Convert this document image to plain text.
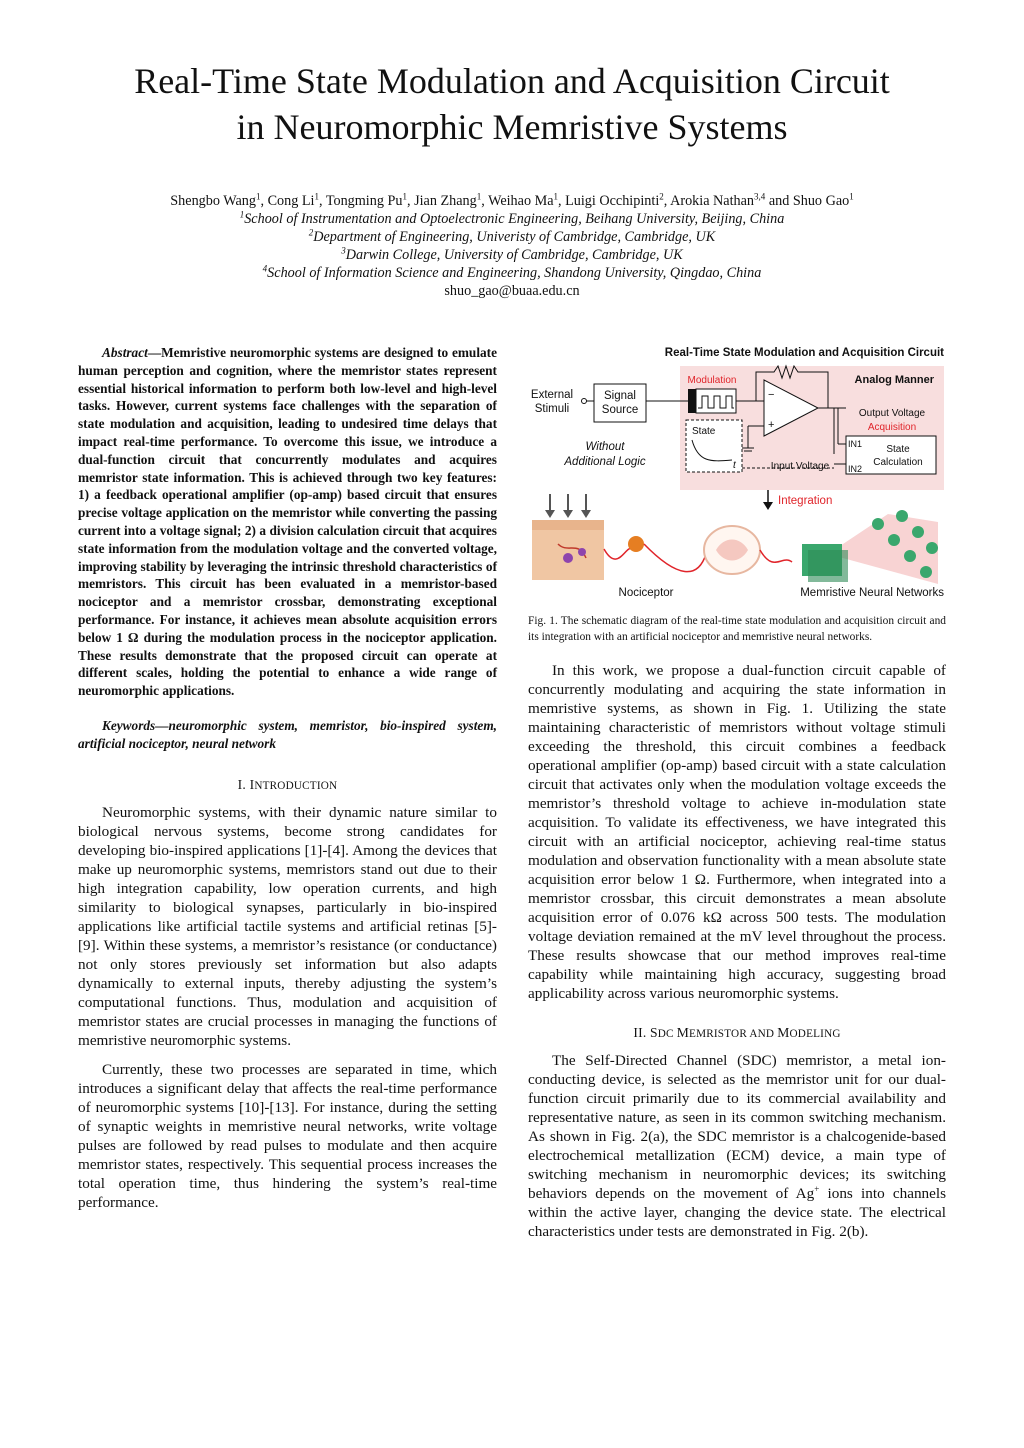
Real-Time State Modulation and Acquisition Circuit
in Neuromorphic Memristive Systems
Shengbo Wang$^1$, Cong Li$^1$, Tongming Pu$^1$, Jian Zhang$^1$, Weihao Ma$^1$, Luigi Occhipinti$^2$, Arokia Nathan$^{3,4}$ and Shuo Gao$^1$
$^1$School of Instrumentation and Optoelectronic Engineering, Beihang University, Beijing, China
$^2$Department of Engineering, Univeristy of Cambridge, Cambridge, UK
$^3$Darwin College, University of Cambridge, Cambridge, UK
$^4$School of Information Science and Engineering, Shandong University, Qingdao, China
shuo_gao@buaa.edu.cn
Abstract—Memristive neuromorphic systems are designed to emulate human perception and cognition, where the memristor states represent essential historical information to perform both low-level and high-level tasks. However, current systems face challenges with the separation of state modulation and acquisition, leading to undesired time delays that impact real-time performance. To overcome this issue, we introduce a dual-function circuit that concurrently modulates and acquires memristor state information. This is achieved through two key features: 1) a feedback operational amplifier (op-amp) based circuit that ensures precise voltage application on the memristor while converting the passing current into a voltage signal; 2) a division calculation circuit that acquires state information from the modulation voltage and the converted voltage, improving stability by leveraging the intrinsic threshold characteristics of memristors. This circuit has been evaluated in a memristor-based nociceptor and a memristor crossbar, demonstrating exceptional performance. For instance, it achieves mean absolute acquisition errors below 1 Ω during the modulation process in the nociceptor application. These results demonstrate that the proposed circuit can operate at different scales, holding the potential to enhance a wide range of neuromorphic applications.
Keywords—neuromorphic system, memristor, bio-inspired system, artificial nociceptor, neural network
I. INTRODUCTION

Neuromorphic systems, with their dynamic nature similar to biological nervous systems, become strong candidates for developing bio-inspired applications [1]-[4]. Among the devices that make up neuromorphic systems, memristors stand out due to their high integration capability, low operation currents, and high similarity to biological synapses, particularly in bio-inspired applications like artificial tactile systems and artificial retinas [5]-[9]. Within these systems, a memristor’s resistance (or conductance) not only stores previously set information but also adapts dynamically to external inputs, thereby adjusting the system’s computational functions. Thus, modulation and acquisition of memristor states are crucial processes in managing the functions of memristive neuromorphic systems.

Currently, these two processes are separated in time, which introduces a significant delay that affects the real-time performance of neuromorphic systems [10]-[13]. For instance, during the setting of synaptic weights in memristive neural networks, write voltage pulses are followed by read pulses to modulate and then acquire memristor states, respectively. This sequential process increases the total operation time, thus hindering the system’s real-time performance.

Real-Time State Modulation and Acquisition Circuit
Analog Manner
External Stimuli
Signal Source
Without Additional Logic
Modulation
State
t
−
+
Input Voltage
Output Voltage
Acquisition
IN1
IN2
State Calculation
Integration
Nociceptor	Memristive Neural Networks
Fig. 1. The schematic diagram of the real-time state modulation and acquisition circuit and its integration with an artificial nociceptor and memristive neural networks.

In this work, we propose a dual-function circuit capable of concurrently modulating and acquiring the state information in memristive systems, as shown in Fig. 1. Utilizing the state maintaining characteristic of memristors without voltage stimuli exceeding the threshold, this circuit combines a feedback operational amplifier (op-amp) based circuit with a state calculation circuit that activates only when the modulation voltage exceeds the memristor’s threshold voltage to achieve in-modulation state acquisition. To validate its effectiveness, we have integrated this circuit with an artificial nociceptor, achieving real-time status modulation and observation functionality with a mean absolute state acquisition error below 1 Ω. Furthermore, when integrated into a memristor crossbar, this circuit demonstrates a mean absolute acquisition error of 0.076 kΩ across 500 tests. The modulation voltage deviation remained at the mV level throughout the process. These results showcase that our method improves real-time capability while maintaining high accuracy, suggesting broad applicability across various neuromorphic systems.

II. SDC MEMRISTOR AND MODELING

The Self-Directed Channel (SDC) memristor, a metal ion-conducting device, is selected as the memristor unit for our dual-function circuit primarily due to its commercial availability and representative nature, as seen in its common switching mechanism. As shown in Fig. 2(a), the SDC memristor is a chalcogenide-based electrochemical metallization (ECM) device, a main type of switching mechanism in neuromorphic devices; its switching behaviors depends on the movement of Ag+ ions into channels within the active layer, changing the device state. The electrical characteristics under tests are demonstrated in Fig. 2(b).
